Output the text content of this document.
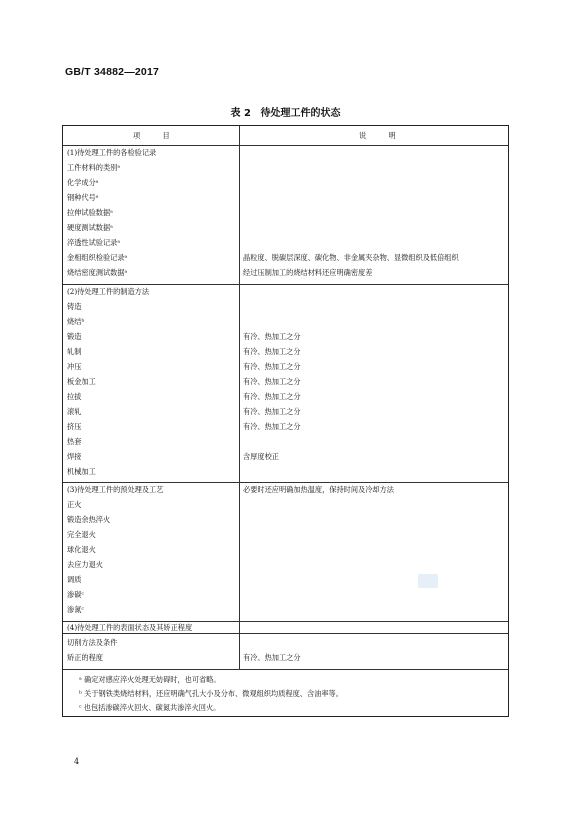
GB/T 34882—2017
表 2 待处理工件的状态
项 目	说 明
(1)待处理工件的各检验记录
工件材料的类别ᵃ
化学成分ᵃ
钢种代号ᵃ
拉伸试验数据ᵃ
硬度测试数据ᵃ
淬透性试验记录ᵃ
金相组织检验记录ᵃ	晶粒度、脱碳层深度、碳化物、非金属夹杂物、显微组织及低倍组织
烧结密度测试数据ᵃ	经过压制加工的烧结材料还应明确密度差
(2)待处理工件的制造方法
铸造
烧结ᵇ
锻造	有冷、热加工之分
轧制	有冷、热加工之分
冲压	有冷、热加工之分
板金加工	有冷、热加工之分
拉拔	有冷、热加工之分
滚轧	有冷、热加工之分
挤压	有冷、热加工之分
热套
焊接	含厚度校正
机械加工
(3)待处理工件的预处理及工艺	必要时还应明确加热温度，保持时间及冷却方法
正火
锻造余热淬火
完全退火
球化退火
去应力退火
调质
渗碳ᶜ
渗氮ᶜ
(4)待处理工件的表面状态及其矫正程度
切削方法及条件
矫正的程度	有冷、热加工之分
ᵃ 确定对感应淬火处理无妨碍时，也可省略。
ᵇ 关于钢铁类烧结材料，还应明确气孔大小及分布、微观组织均质程度、含油率等。
ᶜ 也包括渗碳淬火回火、碳氮共渗淬火回火。
4
